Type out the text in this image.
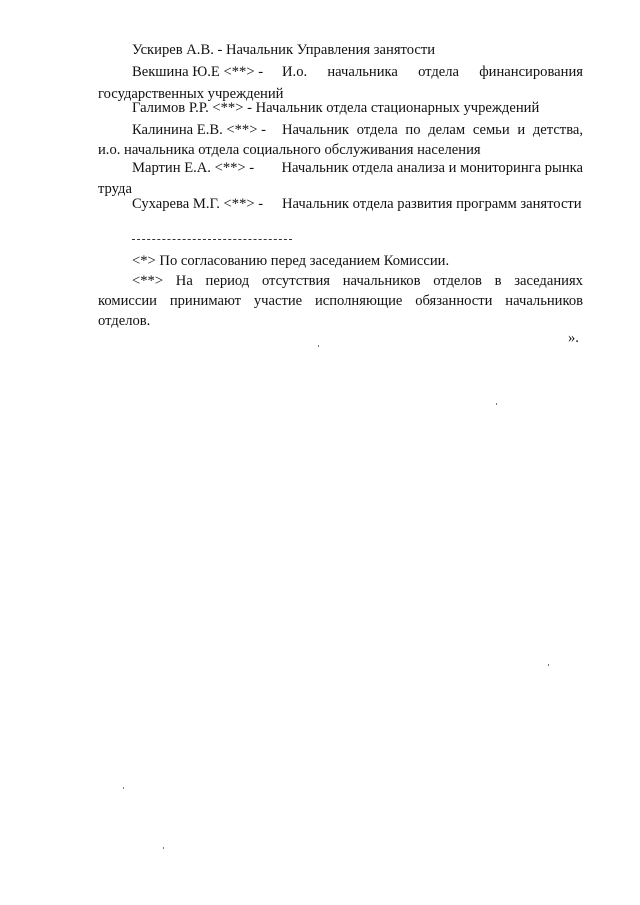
Ускирев А.В. - Начальник Управления занятости
Векшина Ю.Е <**> -	И.о. начальника отдела финансирования
государственных учреждений
Галимов Р.Р. <**> - Начальник отдела стационарных учреждений
Калинина Е.В. <**> -	Начальник отдела по делам семьи и детства,
и.о. начальника отдела социального обслуживания населения
Мартин Е.А. <**> -	Начальник отдела анализа и мониторинга рынка
труда
Сухарева М.Г. <**> -	Начальник отдела развития программ занятости
<*> По согласованию перед заседанием Комиссии.
<**> На период отсутствия начальников отделов в заседаниях
комиссии принимают участие исполняющие обязанности начальников
отделов.
».
